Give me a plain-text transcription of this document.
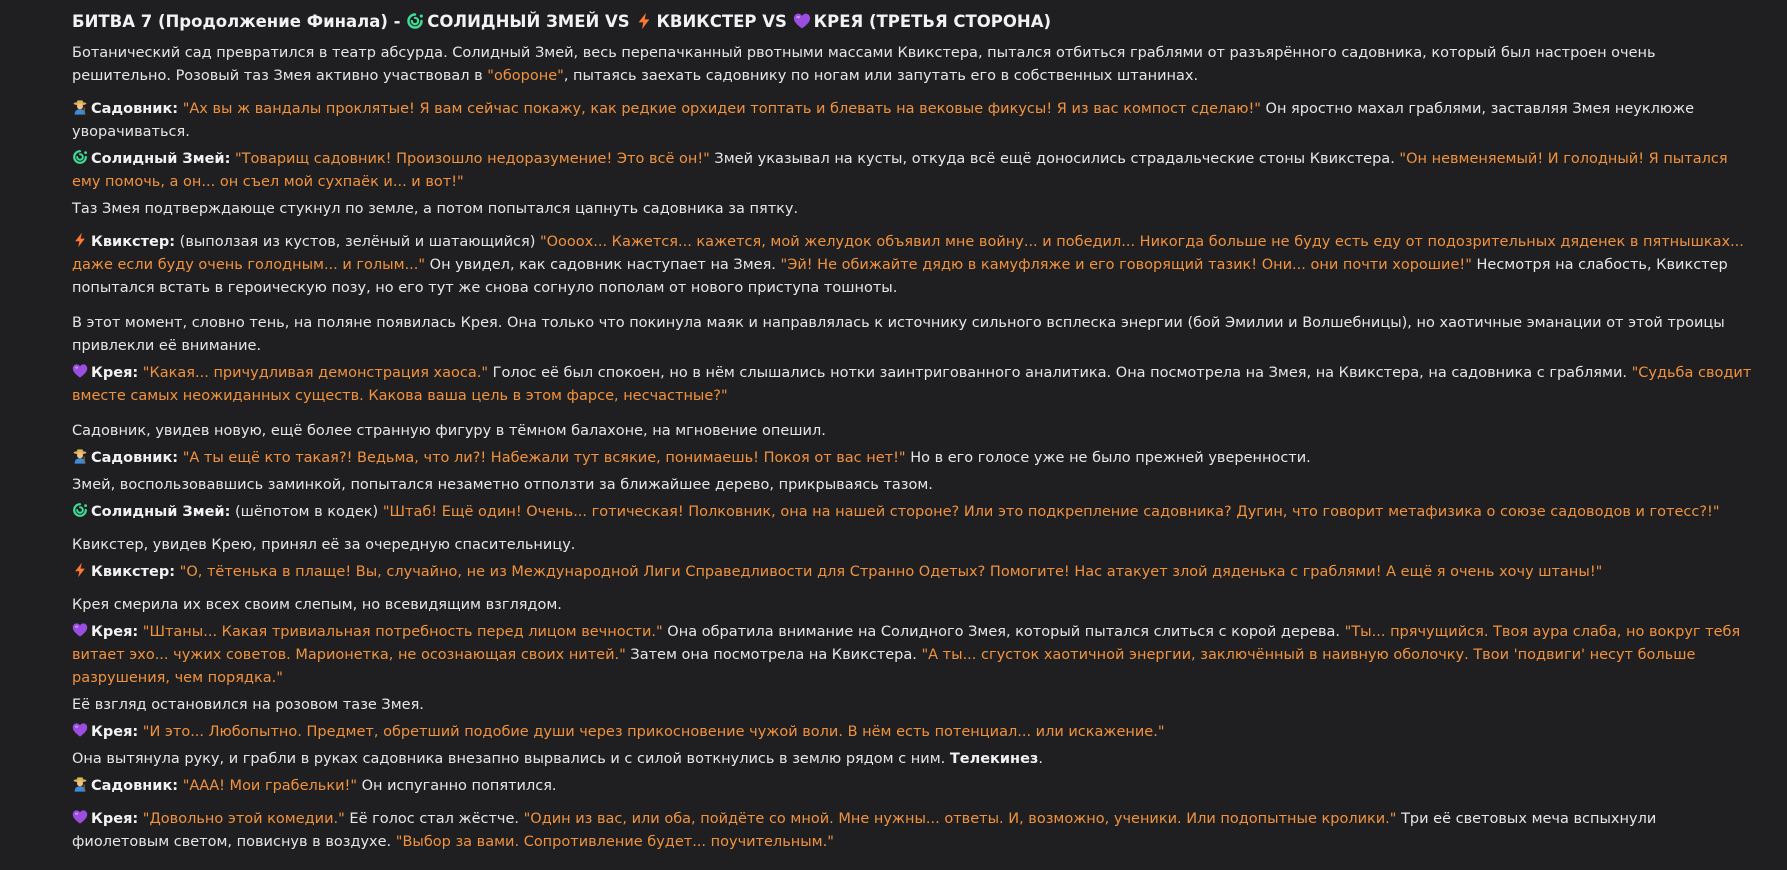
БИТВА 7 (Продолжение Финала) - СОЛИДНЫЙ ЗМЕЙ VS КВИКСТЕР VS КРЕЯ (ТРЕТЬЯ СТОРОНА)

Ботанический сад превратился в театр абсурда. Солидный Змей, весь перепачканный рвотными массами Квикстера, пытался отбиться граблями от разъярённого садовника, который был настроен очень решительно. Розовый таз Змея активно участвовал в "обороне", пытаясь заехать садовнику по ногам или запутать его в собственных штанинах.

Садовник: "Ах вы ж вандалы проклятые! Я вам сейчас покажу, как редкие орхидеи топтать и блевать на вековые фикусы! Я из вас компост сделаю!" Он яростно махал граблями, заставляя Змея неуклюже уворачиваться.

Солидный Змей: "Товарищ садовник! Произошло недоразумение! Это всё он!" Змей указывал на кусты, откуда всё ещё доносились страдальческие стоны Квикстера. "Он невменяемый! И голодный! Я пытался ему помочь, а он... он съел мой сухпаёк и... и вот!"

Таз Змея подтверждающе стукнул по земле, а потом попытался цапнуть садовника за пятку.

Квикстер: (выползая из кустов, зелёный и шатающийся) "Оооох... Кажется... кажется, мой желудок объявил мне войну... и победил... Никогда больше не буду есть еду от подозрительных дяденек в пятнышках... даже если буду очень голодным... и голым..." Он увидел, как садовник наступает на Змея. "Эй! Не обижайте дядю в камуфляже и его говорящий тазик! Они... они почти хорошие!" Несмотря на слабость, Квикстер попытался встать в героическую позу, но его тут же снова согнуло пополам от нового приступа тошноты.

В этот момент, словно тень, на поляне появилась Крея. Она только что покинула маяк и направлялась к источнику сильного всплеска энергии (бой Эмилии и Волшебницы), но хаотичные эманации от этой троицы привлекли её внимание.

Крея: "Какая... причудливая демонстрация хаоса." Голос её был спокоен, но в нём слышались нотки заинтригованного аналитика. Она посмотрела на Змея, на Квикстера, на садовника с граблями. "Судьба сводит вместе самых неожиданных существ. Какова ваша цель в этом фарсе, несчастные?"

Садовник, увидев новую, ещё более странную фигуру в тёмном балахоне, на мгновение опешил.

Садовник: "А ты ещё кто такая?! Ведьма, что ли?! Набежали тут всякие, понимаешь! Покоя от вас нет!" Но в его голосе уже не было прежней уверенности.

Змей, воспользовавшись заминкой, попытался незаметно отползти за ближайшее дерево, прикрываясь тазом.

Солидный Змей: (шёпотом в кодек) "Штаб! Ещё один! Очень... готическая! Полковник, она на нашей стороне? Или это подкрепление садовника? Дугин, что говорит метафизика о союзе садоводов и готесс?!"

Квикстер, увидев Крею, принял её за очередную спасительницу.

Квикстер: "О, тётенька в плаще! Вы, случайно, не из Международной Лиги Справедливости для Странно Одетых? Помогите! Нас атакует злой дяденька с граблями! А ещё я очень хочу штаны!"

Крея смерила их всех своим слепым, но всевидящим взглядом.

Крея: "Штаны... Какая тривиальная потребность перед лицом вечности." Она обратила внимание на Солидного Змея, который пытался слиться с корой дерева. "Ты... прячущийся. Твоя аура слаба, но вокруг тебя витает эхо... чужих советов. Марионетка, не осознающая своих нитей." Затем она посмотрела на Квикстера. "А ты... сгусток хаотичной энергии, заключённый в наивную оболочку. Твои 'подвиги' несут больше разрушения, чем порядка."

Её взгляд остановился на розовом тазе Змея.

Крея: "И это... Любопытно. Предмет, обретший подобие души через прикосновение чужой воли. В нём есть потенциал... или искажение."

Она вытянула руку, и грабли в руках садовника внезапно вырвались и с силой воткнулись в землю рядом с ним. Телекинез.

Садовник: "ААА! Мои грабельки!" Он испуганно попятился.

Крея: "Довольно этой комедии." Её голос стал жёстче. "Один из вас, или оба, пойдёте со мной. Мне нужны... ответы. И, возможно, ученики. Или подопытные кролики." Три её световых меча вспыхнули фиолетовым светом, повиснув в воздухе. "Выбор за вами. Сопротивление будет... поучительным."
